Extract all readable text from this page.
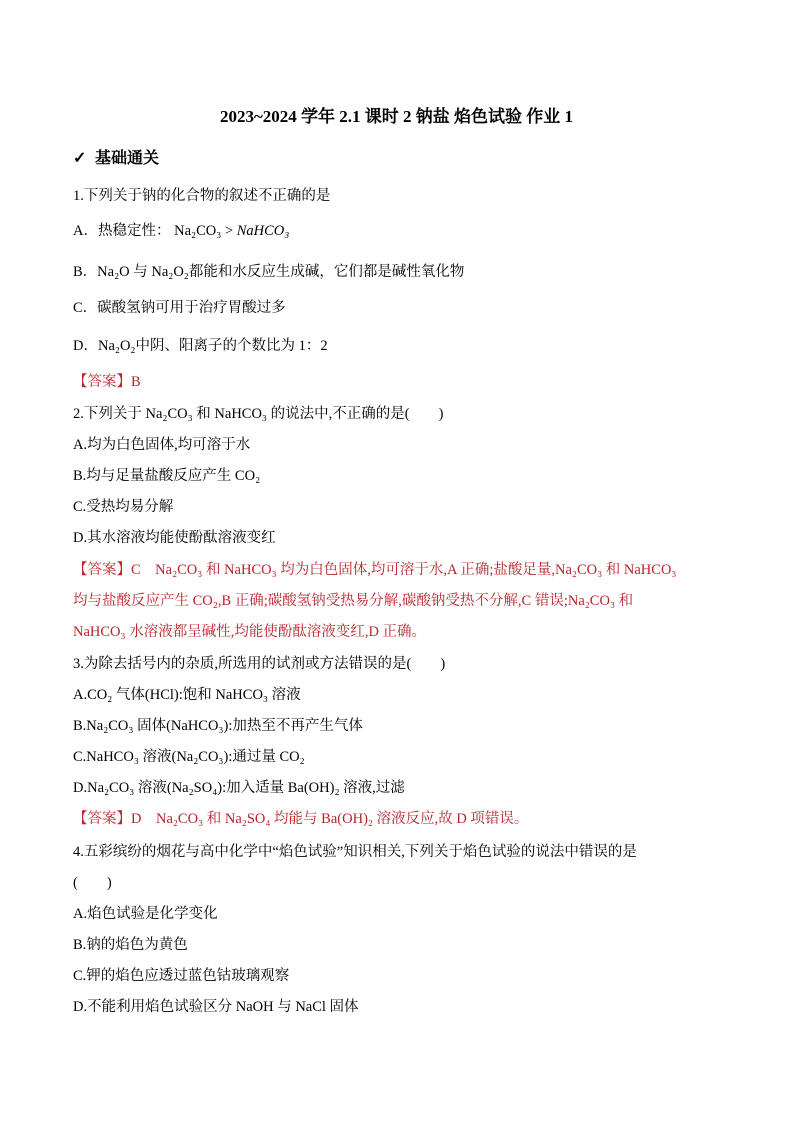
2023~2024 学年 2.1 课时 2 钠盐 焰色试验 作业 1
✓ 基础通关
1.下列关于钠的化合物的叙述不正确的是
A．热稳定性： Na₂CO₃ > NaHCO₃
B．Na₂O 与 Na₂O₂都能和水反应生成碱，它们都是碱性氧化物
C．碳酸氢钠可用于治疗胃酸过多
D．Na₂O₂中阴、阳离子的个数比为 1：2
【答案】B
2.下列关于 Na₂CO₃ 和 NaHCO₃ 的说法中,不正确的是(　　)
A.均为白色固体,均可溶于水
B.均与足量盐酸反应产生 CO₂
C.受热均易分解
D.其水溶液均能使酚酞溶液变红
【答案】C　Na₂CO₃ 和 NaHCO₃ 均为白色固体,均可溶于水,A 正确;盐酸足量,Na₂CO₃ 和 NaHCO₃
均与盐酸反应产生 CO₂,B 正确;碳酸氢钠受热易分解,碳酸钠受热不分解,C 错误;Na₂CO₃ 和
NaHCO₃ 水溶液都呈碱性,均能使酚酞溶液变红,D 正确。
3.为除去括号内的杂质,所选用的试剂或方法错误的是(　　)
A.CO₂ 气体(HCl):饱和 NaHCO₃ 溶液
B.Na₂CO₃ 固体(NaHCO₃):加热至不再产生气体
C.NaHCO₃ 溶液(Na₂CO₃):通过量 CO₂
D.Na₂CO₃ 溶液(Na₂SO₄):加入适量 Ba(OH)₂ 溶液,过滤
【答案】D　Na₂CO₃ 和 Na₂SO₄ 均能与 Ba(OH)₂ 溶液反应,故 D 项错误。
4.五彩缤纷的烟花与高中化学中“焰色试验”知识相关,下列关于焰色试验的说法中错误的是
(　　)
A.焰色试验是化学变化
B.钠的焰色为黄色
C.钾的焰色应透过蓝色钴玻璃观察
D.不能利用焰色试验区分 NaOH 与 NaCl 固体
